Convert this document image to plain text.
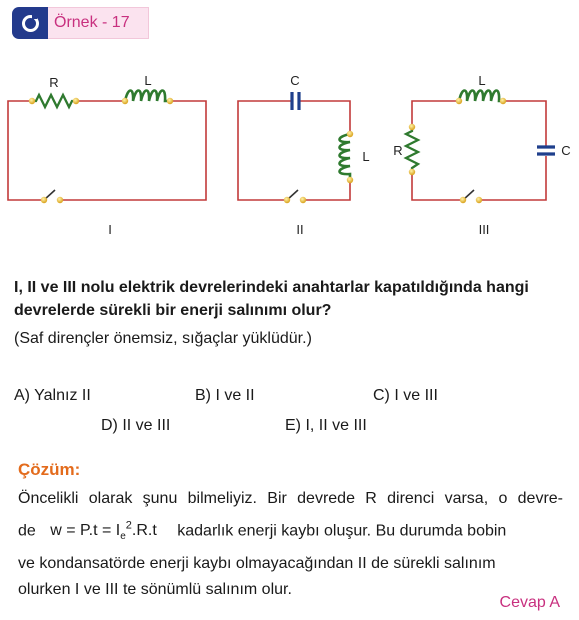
Örnek - 17
R	L
I
C
L
II
L
R	C
III
I, II ve III nolu elektrik devrelerindeki anahtarlar kapatıldığında hangi devrelerde sürekli bir enerji salınımı olur?
(Saf dirençler önemsiz, sığaçlar yüklüdür.)
A) Yalnız II	B) I ve II	C) I ve III
D) II ve III	E) I, II ve III
Çözüm:
Öncelikli olarak şunu bilmeliyiz. Bir devrede R direnci varsa, o devre-
de $w = P.t = I_e^2.R.t$ kadarlık enerji kaybı oluşur. Bu durumda bobin
ve kondansatörde enerji kaybı olmayacağından II de sürekli salınım
olurken I ve III te sönümlü salınım olur.
Cevap A
